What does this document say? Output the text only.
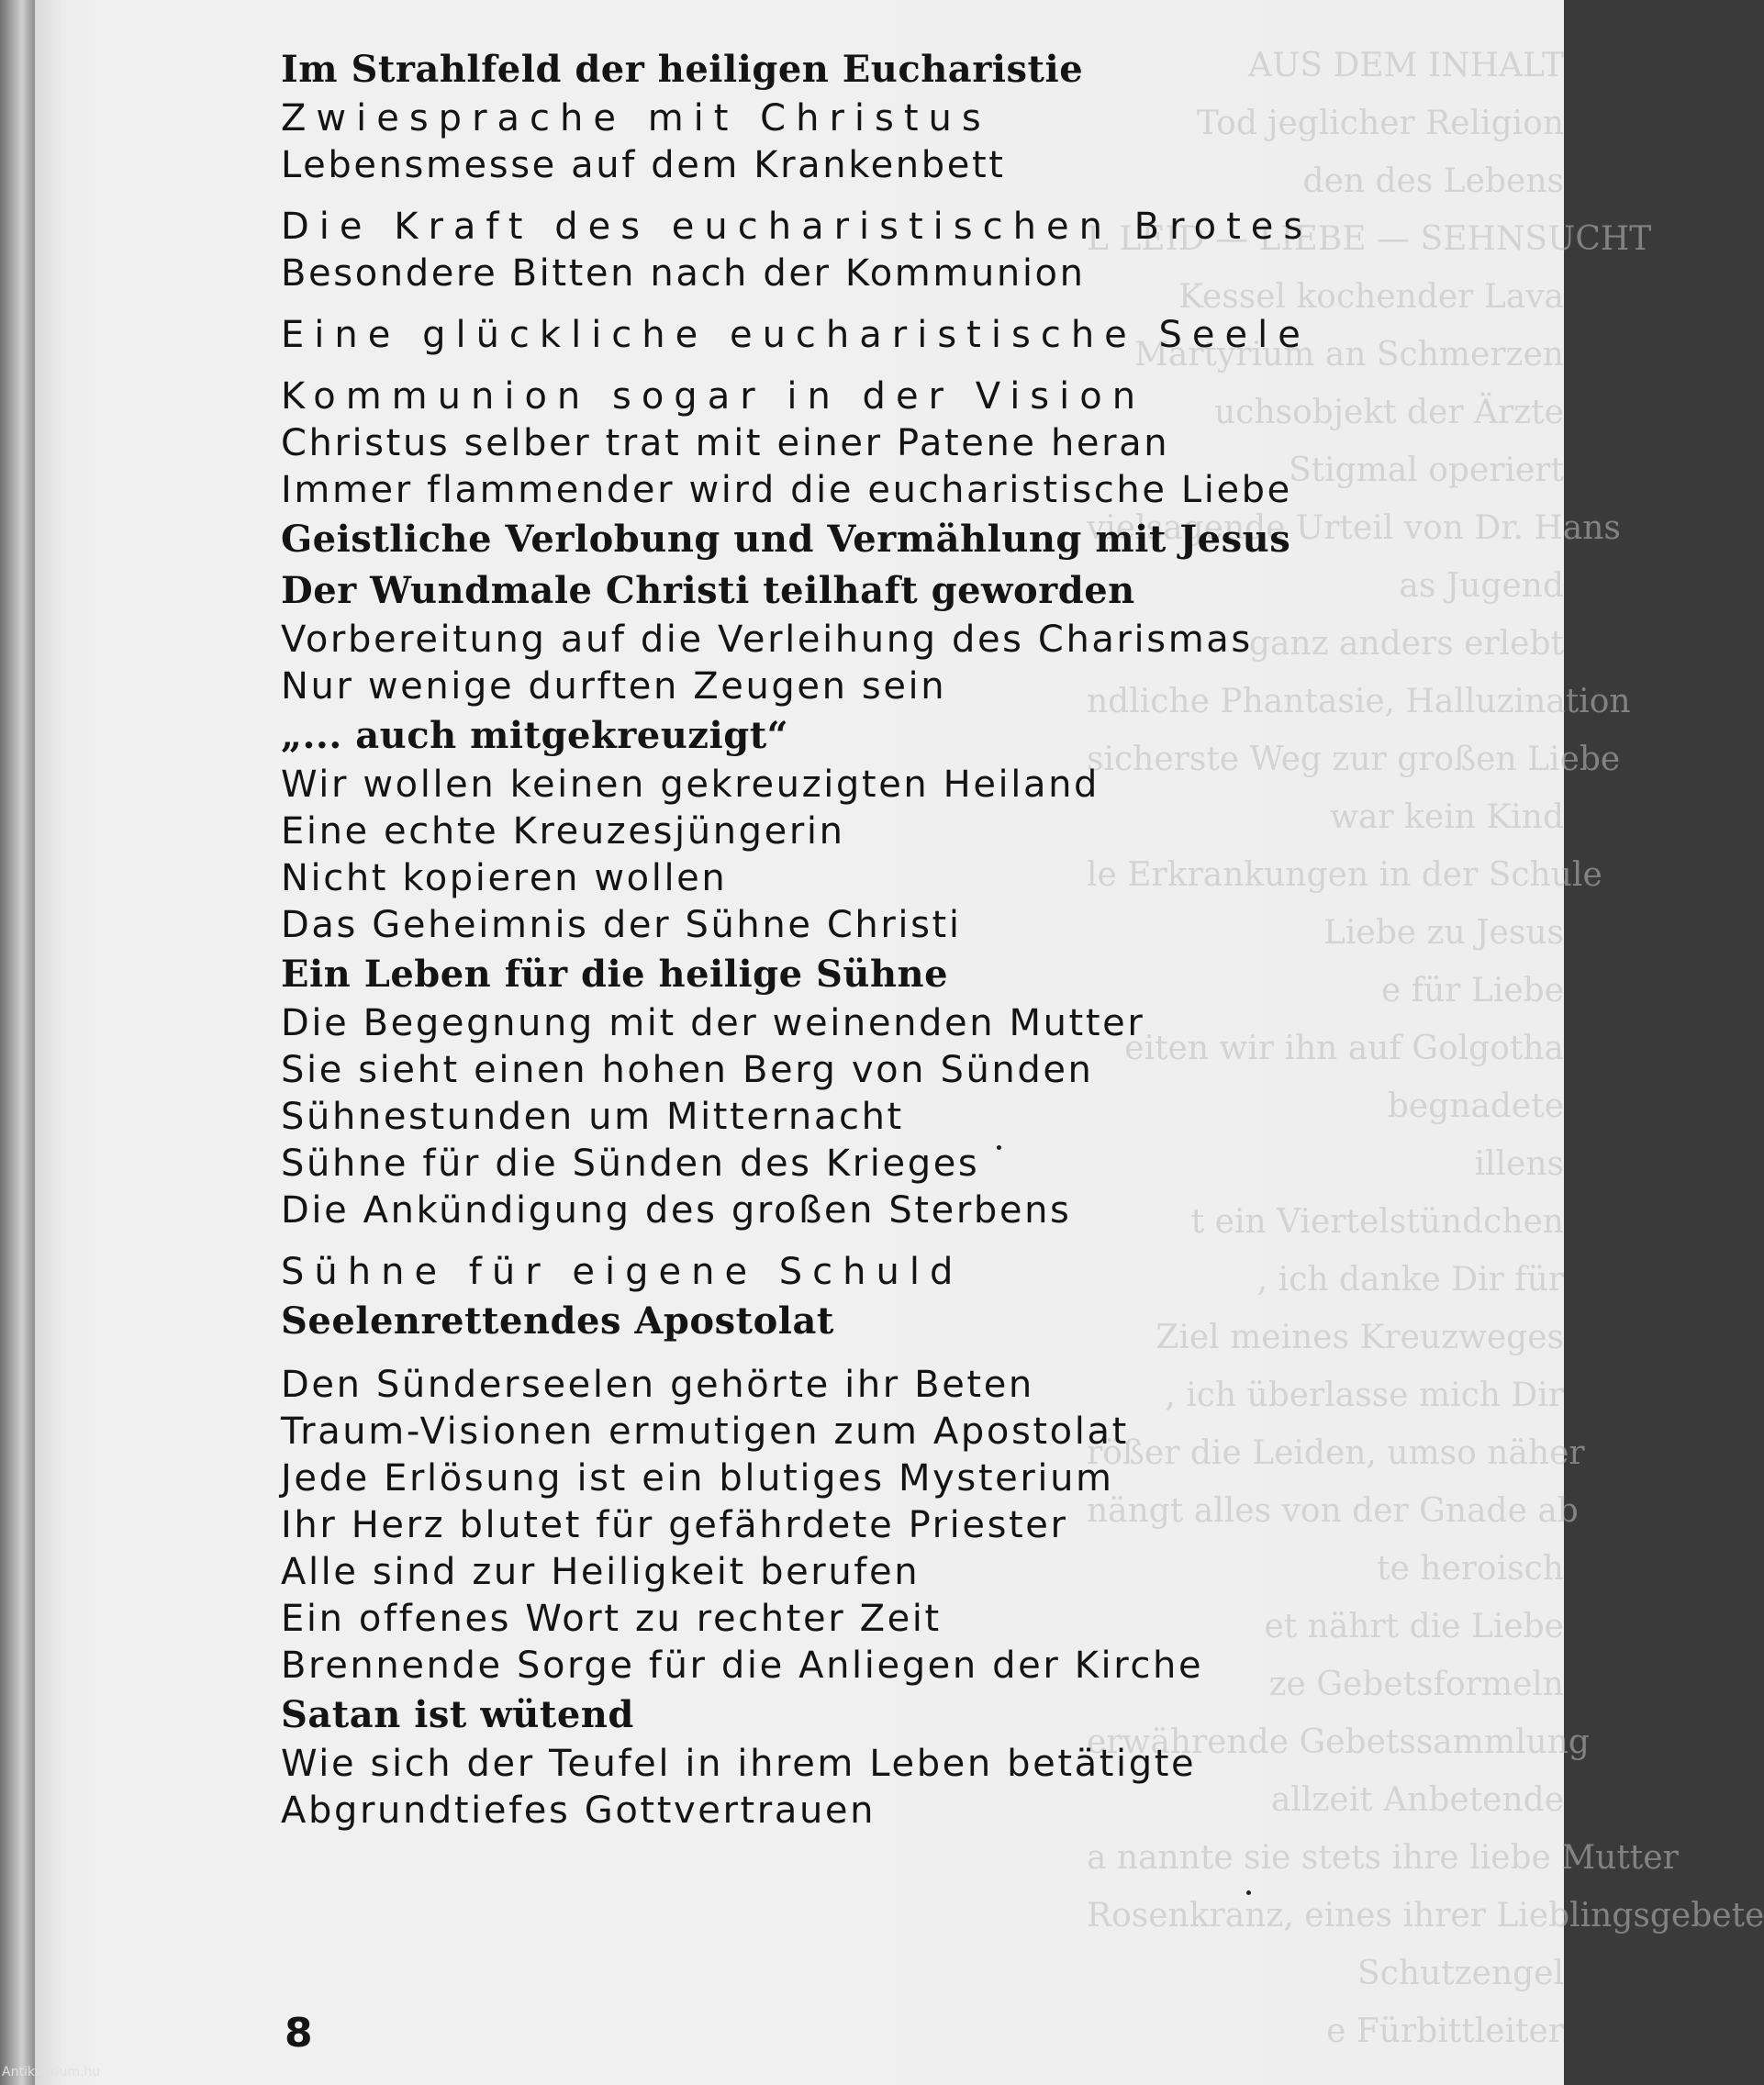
AUS DEM INHALT
Tod jeglicher Religion
den des Lebens
L LEID — LIEBE — SEHNSUCHT
Kessel kochender Lava
Martyrium an Schmerzen
uchsobjekt der Ärzte
Stigmal operiert
vielsagende Urteil von Dr. Hans
as Jugend
ganz anders erlebt
ndliche Phantasie, Halluzination
sicherste Weg zur großen Liebe
war kein Kind
le Erkrankungen in der Schule
Liebe zu Jesus
e für Liebe
eiten wir ihn auf Golgotha
begnadete
illens
t ein Viertelstündchen
, ich danke Dir für
Ziel meines Kreuzweges
, ich überlasse mich Dir
rößer die Leiden, umso näher
nängt alles von der Gnade ab
te heroisch
et nährt die Liebe
ze Gebetsformeln
erwährende Gebetssammlung
allzeit Anbetende
a nannte sie stets ihre liebe Mutter
Rosenkranz, eines ihrer Lieblingsgebete
Schutzengel
e Fürbittleiter
Im Strahlfeld der heiligen Eucharistie
Zwiesprache mit Christus
Lebensmesse auf dem Krankenbett
Die Kraft des eucharistischen Brotes
Besondere Bitten nach der Kommunion
Eine glückliche eucharistische Seele
Kommunion sogar in der Vision
Christus selber trat mit einer Patene heran
Immer flammender wird die eucharistische Liebe
Geistliche Verlobung und Vermählung mit Jesus
Der Wundmale Christi teilhaft geworden
Vorbereitung auf die Verleihung des Charismas
Nur wenige durften Zeugen sein
„... auch mitgekreuzigt“
Wir wollen keinen gekreuzigten Heiland
Eine echte Kreuzesjüngerin
Nicht kopieren wollen
Das Geheimnis der Sühne Christi
Ein Leben für die heilige Sühne
Die Begegnung mit der weinenden Mutter
Sie sieht einen hohen Berg von Sünden
Sühnestunden um Mitternacht
Sühne für die Sünden des Krieges
Die Ankündigung des großen Sterbens
Sühne für eigene Schuld
Seelenrettendes Apostolat
Den Sünderseelen gehörte ihr Beten
Traum-Visionen ermutigen zum Apostolat
Jede Erlösung ist ein blutiges Mysterium
Ihr Herz blutet für gefährdete Priester
Alle sind zur Heiligkeit berufen
Ein offenes Wort zu rechter Zeit
Brennende Sorge für die Anliegen der Kirche
Satan ist wütend
Wie sich der Teufel in ihrem Leben betätigte
Abgrundtiefes Gottvertrauen
8
Antikvarium.hu
